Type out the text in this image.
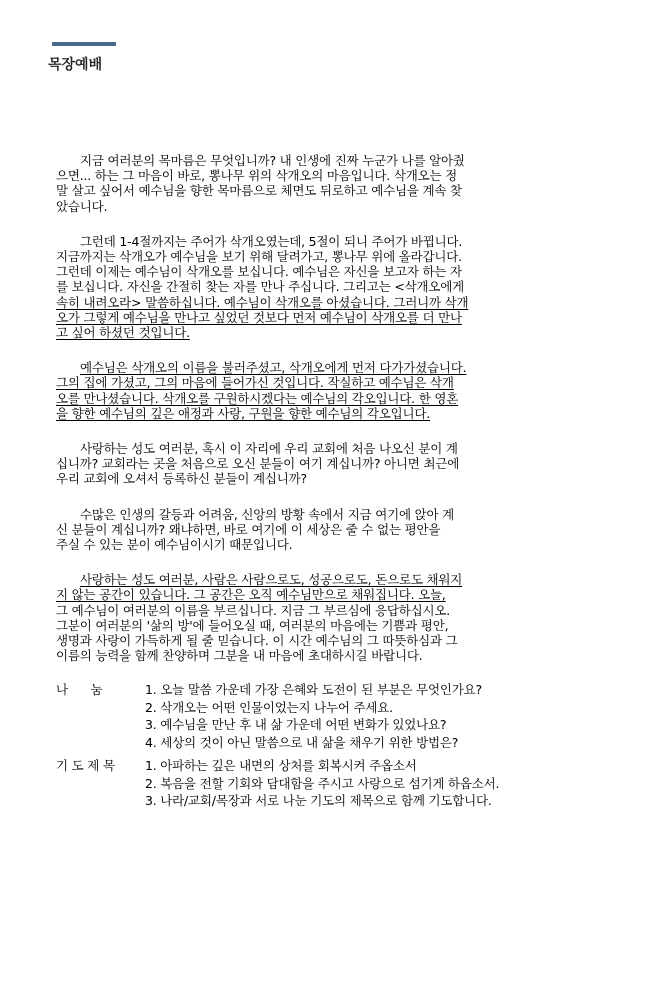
목장예배
지금 여러분의 목마름은 무엇입니까? 내 인생에 진짜 누군가 나를 알아줬
으면... 하는 그 마음이 바로, 뽕나무 위의 삭개오의 마음입니다. 삭개오는 정
말 살고 싶어서 예수님을 향한 목마름으로 체면도 뒤로하고 예수님을 계속 찾
았습니다.
그런데 1-4절까지는 주어가 삭개오였는데, 5절이 되니 주어가 바뀝니다.
지금까지는 삭개오가 예수님을 보기 위해 달려가고, 뽕나무 위에 올라갑니다.
그런데 이제는 예수님이 삭개오를 보십니다. 예수님은 자신을 보고자 하는 자
를 보십니다. 자신을 간절히 찾는 자를 만나 주십니다. 그리고는 <삭개오에게
속히 내려오라> 말씀하십니다. 예수님이 삭개오를 아셨습니다. 그러니까 삭개
오가 그렇게 예수님을 만나고 싶었던 것보다 먼저 예수님이 삭개오를 더 만나
고 싶어 하셨던 것입니다.
예수님은 삭개오의 이름을 불러주셨고, 삭개오에게 먼저 다가가셨습니다.
그의 집에 가셨고, 그의 마음에 들어가신 것입니다. 작실하고 예수님은 삭개
오를 만나셨습니다. 삭개오를 구원하시겠다는 예수님의 각오입니다. 한 영혼
을 향한 예수님의 깊은 애정과 사랑, 구원을 향한 예수님의 각오입니다.
사랑하는 성도 여러분, 혹시 이 자리에 우리 교회에 처음 나오신 분이 계
십니까? 교회라는 곳을 처음으로 오신 분들이 여기 계십니까? 아니면 최근에
우리 교회에 오셔서 등록하신 분들이 계십니까?
수많은 인생의 갈등과 어려움, 신앙의 방황 속에서 지금 여기에 앉아 계
신 분들이 계십니까? 왜냐하면, 바로 여기에 이 세상은 줄 수 없는 평안을
주실 수 있는 분이 예수님이시기 때문입니다.
사랑하는 성도 여러분, 사람은 사람으로도, 성공으로도, 돈으로도 채워지
지 않는 공간이 있습니다. 그 공간은 오직 예수님만으로 채워집니다. 오늘,
그 예수님이 여러분의 이름을 부르십니다. 지금 그 부르심에 응답하십시오.
그분이 여러분의 '삶의 방'에 들어오실 때, 여러분의 마음에는 기쁨과 평안,
생명과 사랑이 가득하게 될 줄 믿습니다. 이 시간 예수님의 그 따뜻하심과 그
이름의 능력을 함께 찬양하며 그분을 내 마음에 초대하시길 바랍니다.
나      눔	1. 오늘 말씀 가운데 가장 은혜와 도전이 된 부분은 무엇인가요?
2. 삭개오는 어떤 인물이었는지 나누어 주세요.
3. 예수님을 만난 후 내 삶 가운데 어떤 변화가 있었나요?
4. 세상의 것이 아닌 말씀으로 내 삶을 채우기 위한 방법은?
기 도 제 목	1. 아파하는 깊은 내면의 상처를 회복시켜 주옵소서
2. 복음을 전할 기회와 담대함을 주시고 사랑으로 섬기게 하옵소서.
3. 나라/교회/목장과 서로 나눈 기도의 제목으로 함께 기도합니다.
